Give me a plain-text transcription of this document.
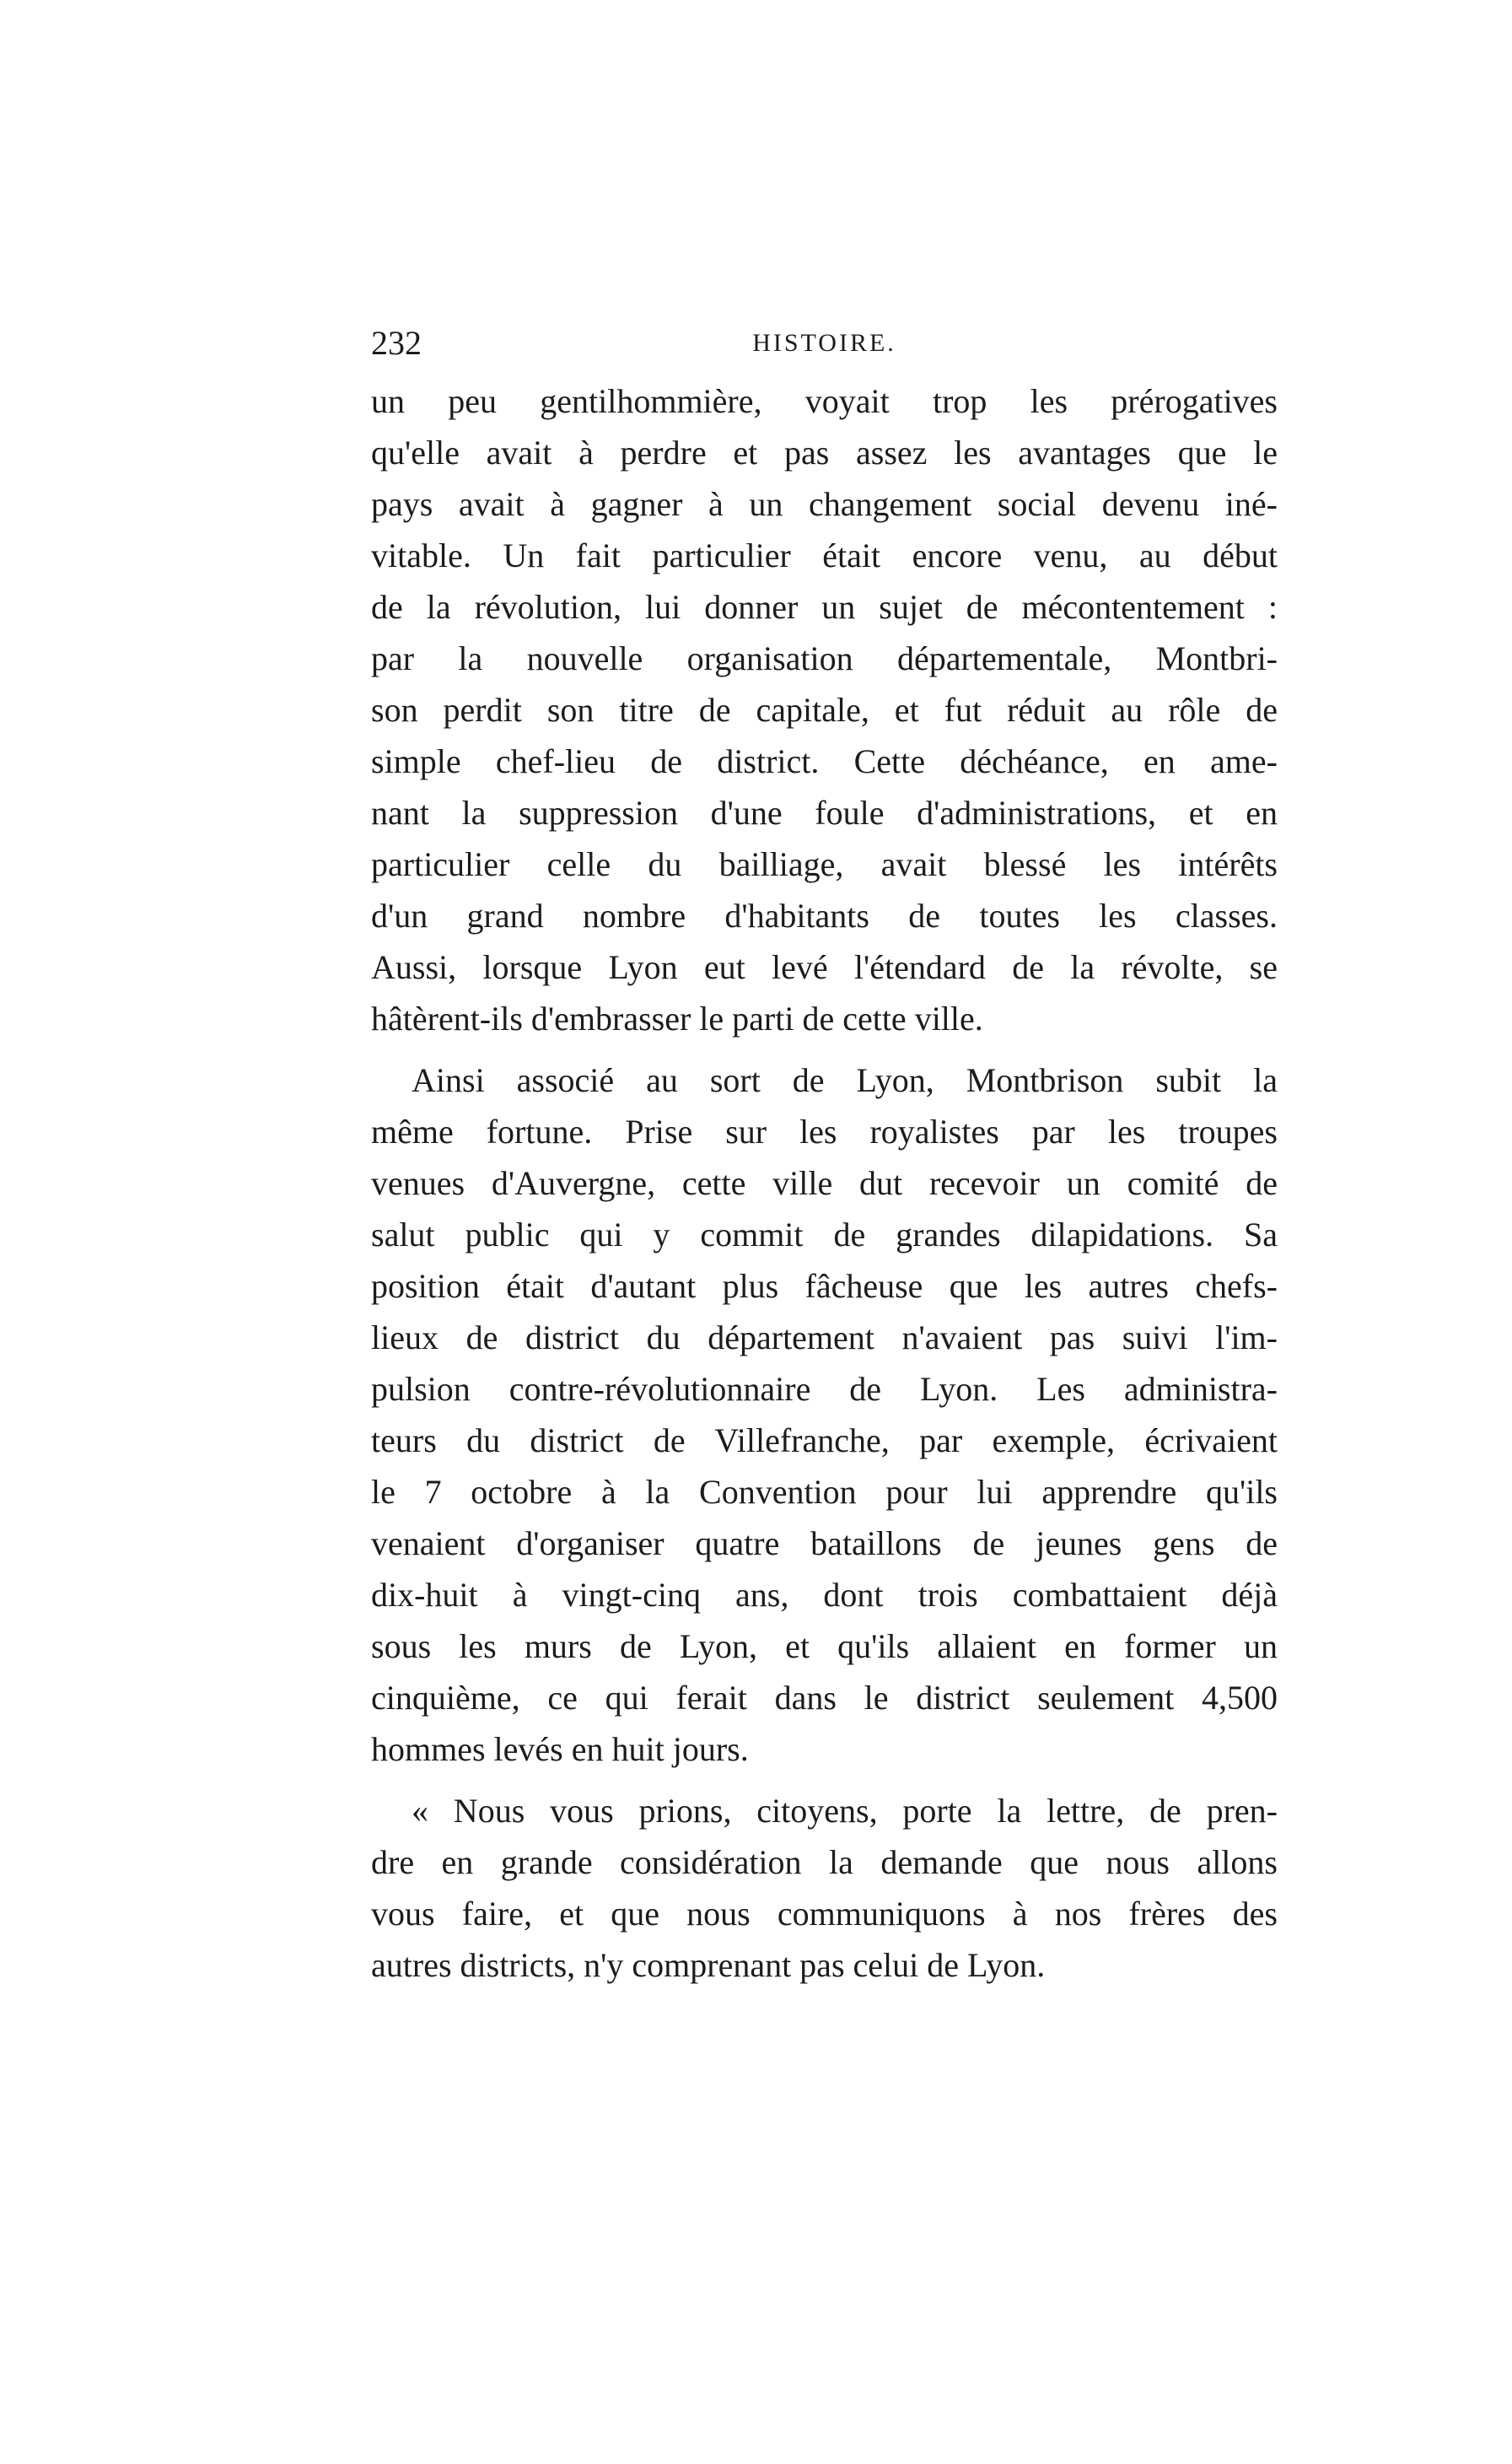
232	HISTOIRE.
un peu gentilhommière, voyait trop les prérogatives
qu'elle avait à perdre et pas assez les avantages que le
pays avait à gagner à un changement social devenu iné-
vitable. Un fait particulier était encore venu, au début
de la révolution, lui donner un sujet de mécontentement :
par la nouvelle organisation départementale, Montbri-
son perdit son titre de capitale, et fut réduit au rôle de
simple chef-lieu de district. Cette déchéance, en ame-
nant la suppression d'une foule d'administrations, et en
particulier celle du bailliage, avait blessé les intérêts
d'un grand nombre d'habitants de toutes les classes.
Aussi, lorsque Lyon eut levé l'étendard de la révolte, se
hâtèrent-ils d'embrasser le parti de cette ville.
Ainsi associé au sort de Lyon, Montbrison subit la
même fortune. Prise sur les royalistes par les troupes
venues d'Auvergne, cette ville dut recevoir un comité de
salut public qui y commit de grandes dilapidations. Sa
position était d'autant plus fâcheuse que les autres chefs-
lieux de district du département n'avaient pas suivi l'im-
pulsion contre-révolutionnaire de Lyon. Les administra-
teurs du district de Villefranche, par exemple, écrivaient
le 7 octobre à la Convention pour lui apprendre qu'ils
venaient d'organiser quatre bataillons de jeunes gens de
dix-huit à vingt-cinq ans, dont trois combattaient déjà
sous les murs de Lyon, et qu'ils allaient en former un
cinquième, ce qui ferait dans le district seulement 4,500
hommes levés en huit jours.
« Nous vous prions, citoyens, porte la lettre, de pren-
dre en grande considération la demande que nous allons
vous faire, et que nous communiquons à nos frères des
autres districts, n'y comprenant pas celui de Lyon.
